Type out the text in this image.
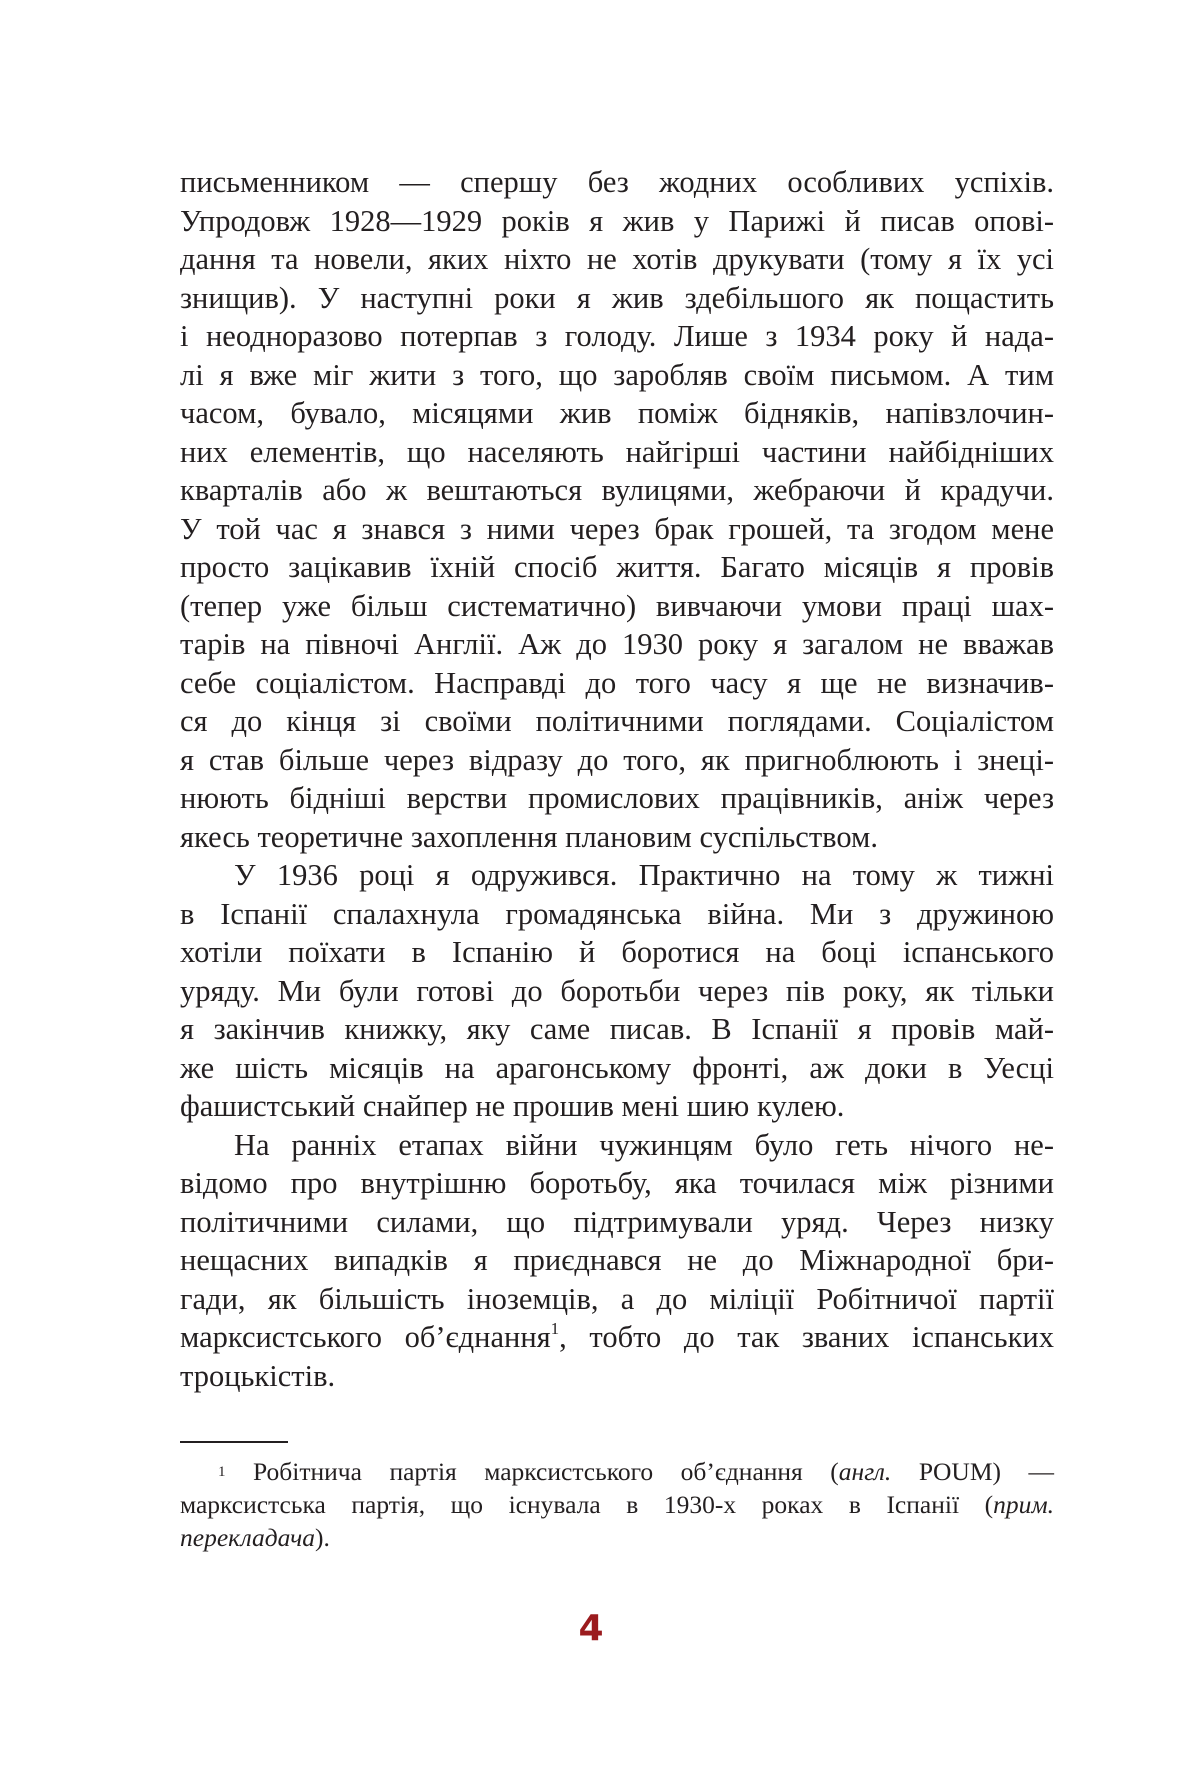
письменником — спершу без жодних особливих успіхів.
Упродовж 1928—1929 років я жив у Парижі й писав опові-
дання та новели, яких ніхто не хотів друкувати (тому я їх усі
знищив). У наступні роки я жив здебільшого як пощастить
і неодноразово потерпав з голоду. Лише з 1934 року й нада-
лі я вже міг жити з того, що заробляв своїм письмом. А тим
часом, бувало, місяцями жив поміж бідняків, напівзлочин-
них елементів, що населяють найгірші частини найбідніших
кварталів або ж вештаються вулицями, жебраючи й крадучи.
У той час я знався з ними через брак грошей, та згодом мене
просто зацікавив їхній спосіб життя. Багато місяців я провів
(тепер уже більш систематично) вивчаючи умови праці шах-
тарів на півночі Англії. Аж до 1930 року я загалом не вважав
себе соціалістом. Насправді до того часу я ще не визначив-
ся до кінця зі своїми політичними поглядами. Соціалістом
я став більше через відразу до того, як пригноблюють і знеці-
нюють бідніші верстви промислових працівників, аніж через
якесь теоретичне захоплення плановим суспільством.

У 1936 році я одружився. Практично на тому ж тижні
в Іспанії спалахнула громадянська війна. Ми з дружиною
хотіли поїхати в Іспанію й боротися на боці іспанського
уряду. Ми були готові до боротьби через пів року, як тільки
я закінчив книжку, яку саме писав. В Іспанії я провів май-
же шість місяців на арагонському фронті, аж доки в Уесці
фашистський снайпер не прошив мені шию кулею.

На ранніх етапах війни чужинцям було геть нічого не-
відомо про внутрішню боротьбу, яка точилася між різними
політичними силами, що підтримували уряд. Через низку
нещасних випадків я приєднався не до Міжнародної бри-
гади, як більшість іноземців, а до міліції Робітничої партії
марксистського об’єднання$^1$, тобто до так званих іспанських
троцькістів.

$^1$ Робітнича партія марксистського об’єднання (англ. POUM) —
марксистська партія, що існувала в 1930-х роках в Іспанії (прим.
перекладача).
4
